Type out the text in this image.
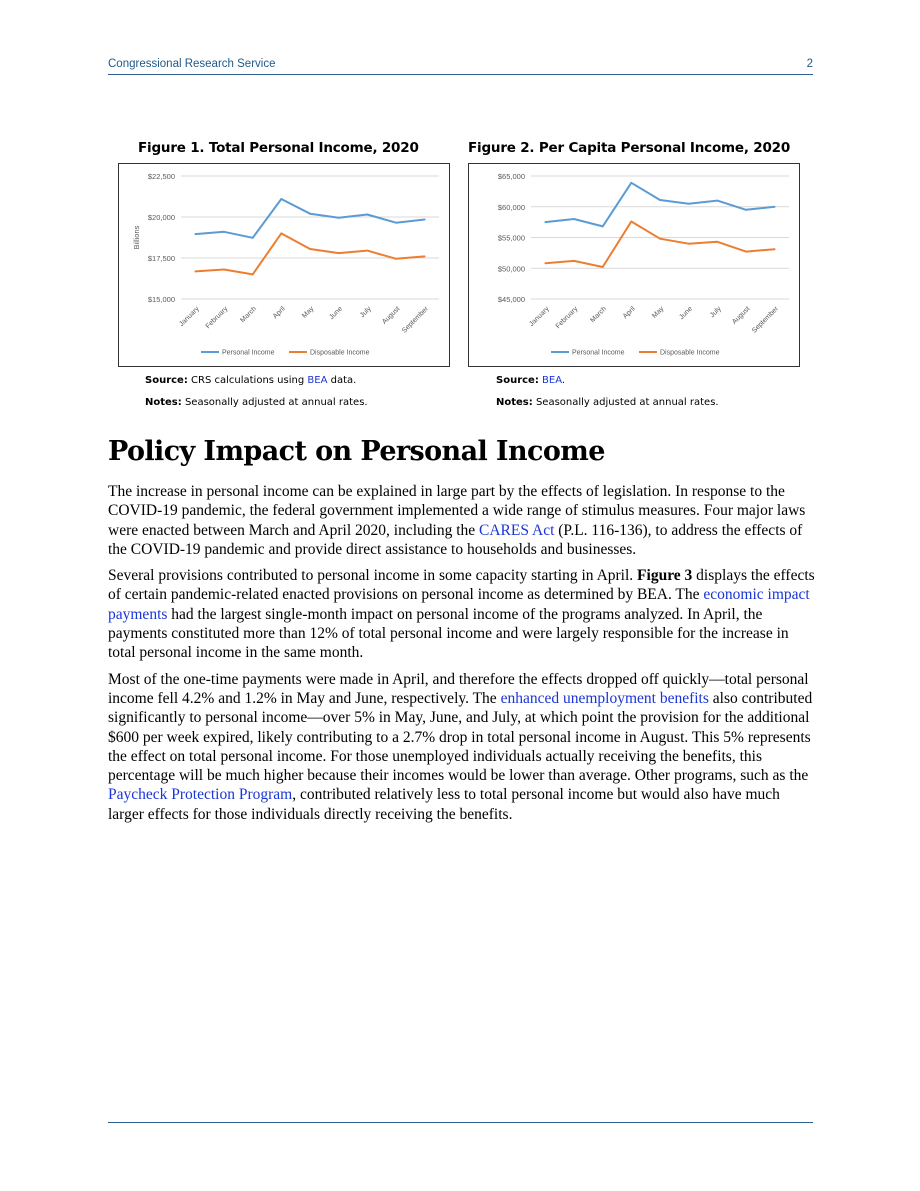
Congressional Research Service	2
Figure 1. Total Personal Income, 2020
$15,000
$17,500
$20,000
$22,500
Billions
January February March April May June July August September
Personal Income	Disposable Income
Source: CRS calculations using BEA data.
Notes: Seasonally adjusted at annual rates.
Figure 2. Per Capita Personal Income, 2020
$45,000
$50,000
$55,000
$60,000
$65,000
January February March April May June July August September
Personal Income	Disposable Income
Source: BEA.
Notes: Seasonally adjusted at annual rates.
Policy Impact on Personal Income

The increase in personal income can be explained in large part by the effects of legislation. In response to the COVID-19 pandemic, the federal government implemented a wide range of stimulus measures. Four major laws were enacted between March and April 2020, including the CARES Act (P.L. 116-136), to address the effects of the COVID-19 pandemic and provide direct assistance to households and businesses.

Several provisions contributed to personal income in some capacity starting in April. Figure 3 displays the effects of certain pandemic-related enacted provisions on personal income as determined by BEA. The economic impact payments had the largest single-month impact on personal income of the programs analyzed. In April, the payments constituted more than 12% of total personal income and were largely responsible for the increase in total personal income in the same month.

Most of the one-time payments were made in April, and therefore the effects dropped off quickly—total personal income fell 4.2% and 1.2% in May and June, respectively. The enhanced unemployment benefits also contributed significantly to personal income—over 5% in May, June, and July, at which point the provision for the additional $600 per week expired, likely contributing to a 2.7% drop in total personal income in August. This 5% represents the effect on total personal income. For those unemployed individuals actually receiving the benefits, this percentage will be much higher because their incomes would be lower than average. Other programs, such as the Paycheck Protection Program, contributed relatively less to total personal income but would also have much larger effects for those individuals directly receiving the benefits.
